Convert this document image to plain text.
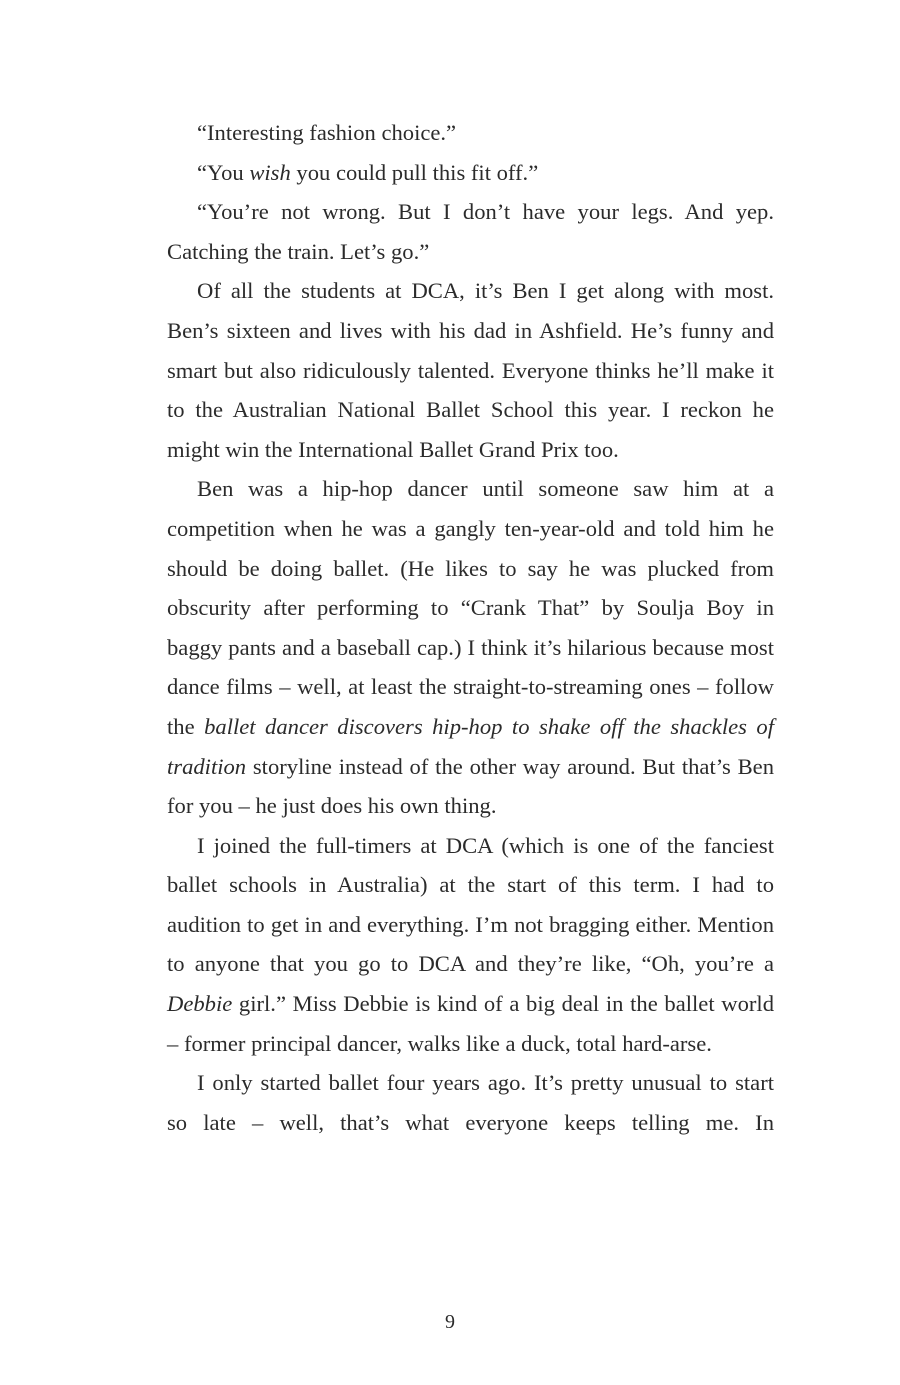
“Interesting fashion choice.”

“You wish you could pull this fit off.”

“You’re not wrong. But I don’t have your legs. And yep. Catching the train. Let’s go.”

Of all the students at DCA, it’s Ben I get along with most. Ben’s sixteen and lives with his dad in Ashfield. He’s funny and smart but also ridiculously talented. Everyone thinks he’ll make it to the Australian National Ballet School this year. I reckon he might win the International Ballet Grand Prix too.

Ben was a hip-hop dancer until someone saw him at a competition when he was a gangly ten-year-old and told him he should be doing ballet. (He likes to say he was plucked from obscurity after performing to “Crank That” by Soulja Boy in baggy pants and a baseball cap.) I think it’s hilarious because most dance films – well, at least the straight-to-streaming ones – follow the ballet dancer discovers hip-hop to shake off the shackles of tradition storyline instead of the other way around. But that’s Ben for you – he just does his own thing.

I joined the full-timers at DCA (which is one of the fanciest ballet schools in Australia) at the start of this term. I had to audition to get in and everything. I’m not bragging either. Mention to anyone that you go to DCA and they’re like, “Oh, you’re a Debbie girl.” Miss Debbie is kind of a big deal in the ballet world – former principal dancer, walks like a duck, total hard-arse.

I only started ballet four years ago. It’s pretty unusual to start so late – well, that’s what everyone keeps telling me. In

9
